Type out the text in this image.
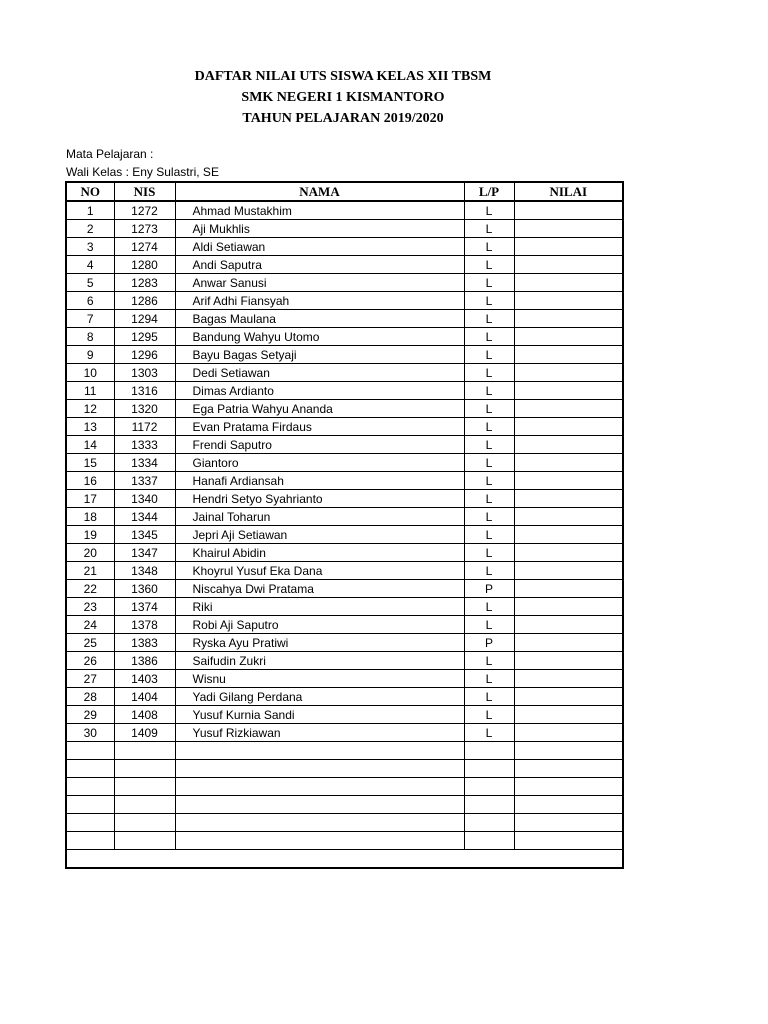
DAFTAR NILAI UTS SISWA KELAS XII TBSM
SMK NEGERI 1 KISMANTORO
TAHUN PELAJARAN 2019/2020
Mata Pelajaran :
Wali Kelas : Eny Sulastri, SE
NO	NIS	NAMA	L/P	NILAI
1	1272	Ahmad Mustakhim	L	
2	1273	Aji Mukhlis	L	
3	1274	Aldi Setiawan	L	
4	1280	Andi Saputra	L	
5	1283	Anwar Sanusi	L	
6	1286	Arif Adhi Fiansyah	L	
7	1294	Bagas Maulana	L	
8	1295	Bandung Wahyu Utomo	L	
9	1296	Bayu Bagas Setyaji	L	
10	1303	Dedi Setiawan	L	
11	1316	Dimas Ardianto	L	
12	1320	Ega Patria Wahyu Ananda	L	
13	1172	Evan Pratama Firdaus	L	
14	1333	Frendi Saputro	L	
15	1334	Giantoro	L	
16	1337	Hanafi Ardiansah	L	
17	1340	Hendri Setyo Syahrianto	L	
18	1344	Jainal Toharun	L	
19	1345	Jepri Aji Setiawan	L	
20	1347	Khairul Abidin	L	
21	1348	Khoyrul Yusuf Eka Dana	L	
22	1360	Niscahya Dwi Pratama	P	
23	1374	Riki	L	
24	1378	Robi Aji Saputro	L	
25	1383	Ryska Ayu Pratiwi	P	
26	1386	Saifudin Zukri	L	
27	1403	Wisnu	L	
28	1404	Yadi Gilang Perdana	L	
29	1408	Yusuf Kurnia Sandi	L	
30	1409	Yusuf Rizkiawan	L	
